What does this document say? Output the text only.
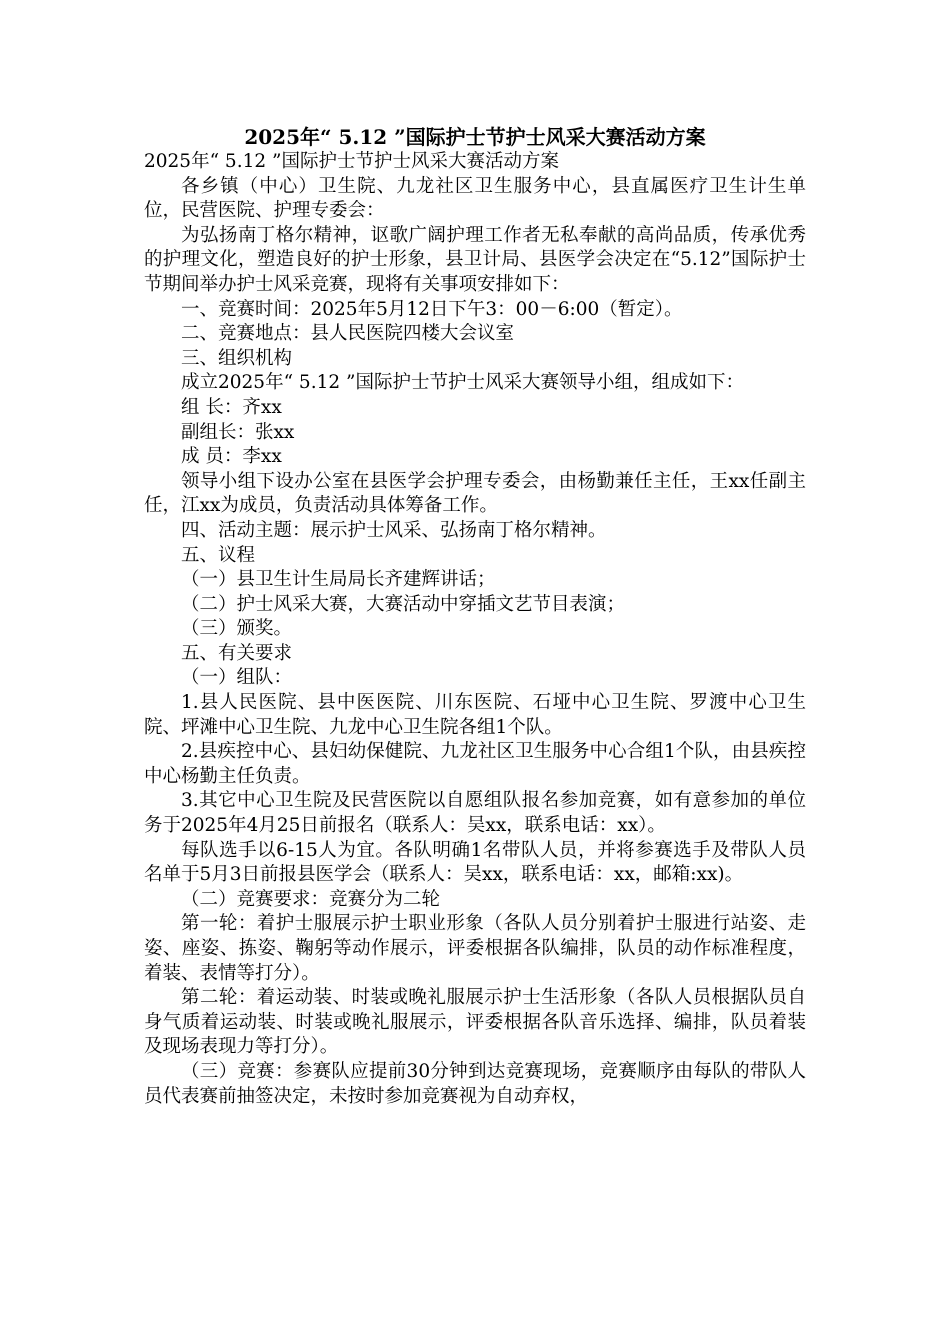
2025年“ 5.12 ”国际护士节护士风采大赛活动方案

2025年“ 5.12 ”国际护士节护士风采大赛活动方案

各乡镇（中心）卫生院、九龙社区卫生服务中心，县直属医疗卫生计生单位，民营医院、护理专委会：

为弘扬南丁格尔精神，讴歌广阔护理工作者无私奉献的高尚品质，传承优秀的护理文化，塑造良好的护士形象，县卫计局、县医学会决定在“5.12”国际护士节期间举办护士风采竞赛，现将有关事项安排如下：

一、竞赛时间：2025年5月12日下午3：00－6:00（暂定）。

二、竞赛地点：县人民医院四楼大会议室

三、组织机构

成立2025年“ 5.12 ”国际护士节护士风采大赛领导小组，组成如下：

组 长：齐xx

副组长：张xx

成 员：李xx

领导小组下设办公室在县医学会护理专委会，由杨勤兼任主任，王xx任副主任，江xx为成员，负责活动具体筹备工作。

四、活动主题：展示护士风采、弘扬南丁格尔精神。

五、议程

（一）县卫生计生局局长齐建辉讲话；

（二）护士风采大赛，大赛活动中穿插文艺节目表演；

（三）颁奖。

五、有关要求

（一）组队：

1.县人民医院、县中医医院、川东医院、石垭中心卫生院、罗渡中心卫生院、坪滩中心卫生院、九龙中心卫生院各组1个队。

2.县疾控中心、县妇幼保健院、九龙社区卫生服务中心合组1个队，由县疾控中心杨勤主任负责。

3.其它中心卫生院及民营医院以自愿组队报名参加竞赛，如有意参加的单位务于2025年4月25日前报名（联系人：吴xx，联系电话：xx）。

每队选手以6-15人为宜。各队明确1名带队人员，并将参赛选手及带队人员名单于5月3日前报县医学会（联系人：吴xx，联系电话：xx，邮箱:xx)。

（二）竞赛要求：竞赛分为二轮

第一轮：着护士服展示护士职业形象（各队人员分别着护士服进行站姿、走姿、座姿、拣姿、鞠躬等动作展示，评委根据各队编排，队员的动作标准程度，着装、表情等打分）。

第二轮：着运动装、时装或晚礼服展示护士生活形象（各队人员根据队员自身气质着运动装、时装或晚礼服展示，评委根据各队音乐选择、编排，队员着装及现场表现力等打分）。

（三）竞赛：参赛队应提前30分钟到达竞赛现场，竞赛顺序由每队的带队人员代表赛前抽签决定，未按时参加竞赛视为自动弃权，
